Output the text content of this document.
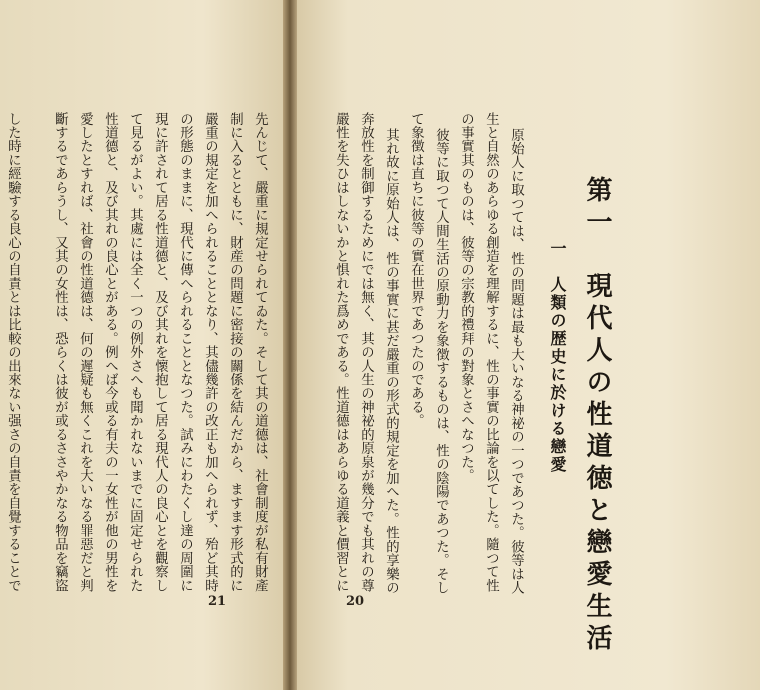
第一　現代人の性道徳と戀愛生活
一　人類の歴史に於ける戀愛
原始人に取つては、性の問題は最も大いなる神祕の一つであつた。彼等は人
生と自然のあらゆる創造を理解するに、性の事實の比論を以てした。隨つて性
の事實其のものは、彼等の宗教的禮拜の對象とさへなつた。
彼等に取つて人間生活の原動力を象徴するものは、性の陰陽であつた。そし
て象徴は直ちに彼等の實在世界であつたのである。
其れ故に原始人は、性の事實に甚だ嚴重の形式的規定を加へた。性的享樂の
奔放性を制御するためにでは無く、其の人生の神祕的原泉が幾分でも其れの尊
嚴性を失ひはしないかと惧れた爲めである。性道德はあらゆる道義と價習とに
20
先んじて、嚴重に規定せられてゐた。そして其の道德は、社會制度が私有財產
制に入るとともに、財産の問題に密接の關係を結んだから、ますます形式的に
嚴重の規定を加へられることとなり、其儘幾許の改正も加へられず、殆ど其時
の形態のままに、現代に傳へられることとなつた。試みにわたくし達の周圍に
現に許されて居る性道德と、及び其れを懷抱して居る現代人の良心とを觀察し
て見るがよい。其處には全く一つの例外さへも聞かれないまでに固定せられた
性道德と、及び其れの良心とがある。例へば今或る有夫の一女性が他の男性を
愛したとすれば、社會の性道德は、何の遲疑も無くこれを大いなる罪惡だと判
斷するであらうし、又其の女性は、恐らくは彼が或るささやかなる物品を竊盜
した時に經驗する良心の自責とは比較の出來ない强さの自責を自覺することで
21
